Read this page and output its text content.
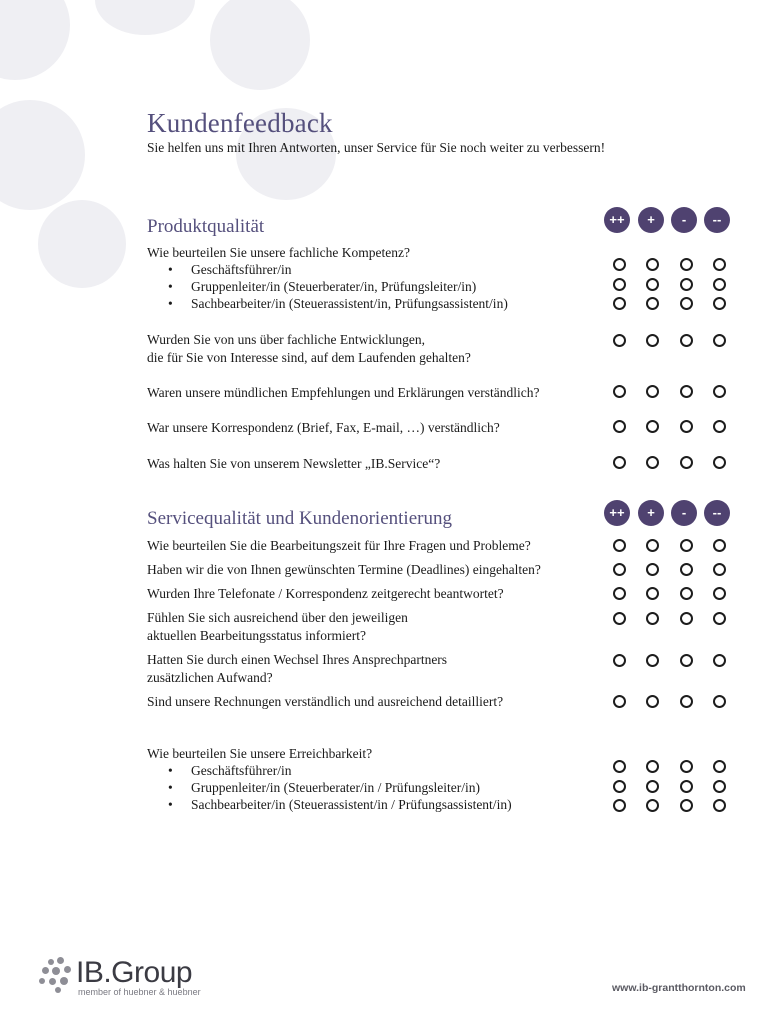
Kundenfeedback
Sie helfen uns mit Ihren Antworten, unser Service für Sie noch weiter zu verbessern!
Produktqualität	++	+	-	--
Wie beurteilen Sie unsere fachliche Kompetenz?
• Geschäftsführer/in
• Gruppenleiter/in (Steuerberater/in, Prüfungsleiter/in)
• Sachbearbeiter/in (Steuerassistent/in, Prüfungsassistent/in)
Wurden Sie von uns über fachliche Entwicklungen,
die für Sie von Interesse sind, auf dem Laufenden gehalten?
Waren unsere mündlichen Empfehlungen und Erklärungen verständlich?
War unsere Korrespondenz (Brief, Fax, E-mail, …) verständlich?
Was halten Sie von unserem Newsletter „IB.Service“?
Servicequalität und Kundenorientierung	++	+	-	--
Wie beurteilen Sie die Bearbeitungszeit für Ihre Fragen und Probleme?
Haben wir die von Ihnen gewünschten Termine (Deadlines) eingehalten?
Wurden Ihre Telefonate / Korrespondenz zeitgerecht beantwortet?
Fühlen Sie sich ausreichend über den jeweiligen
aktuellen Bearbeitungsstatus informiert?
Hatten Sie durch einen Wechsel Ihres Ansprechpartners
zusätzlichen Aufwand?
Sind unsere Rechnungen verständlich und ausreichend detailliert?
Wie beurteilen Sie unsere Erreichbarkeit?
• Geschäftsführer/in
• Gruppenleiter/in (Steuerberater/in / Prüfungsleiter/in)
• Sachbearbeiter/in (Steuerassistent/in / Prüfungsassistent/in)
IB.Group
member of huebner & huebner	www.ib-grantthornton.com
